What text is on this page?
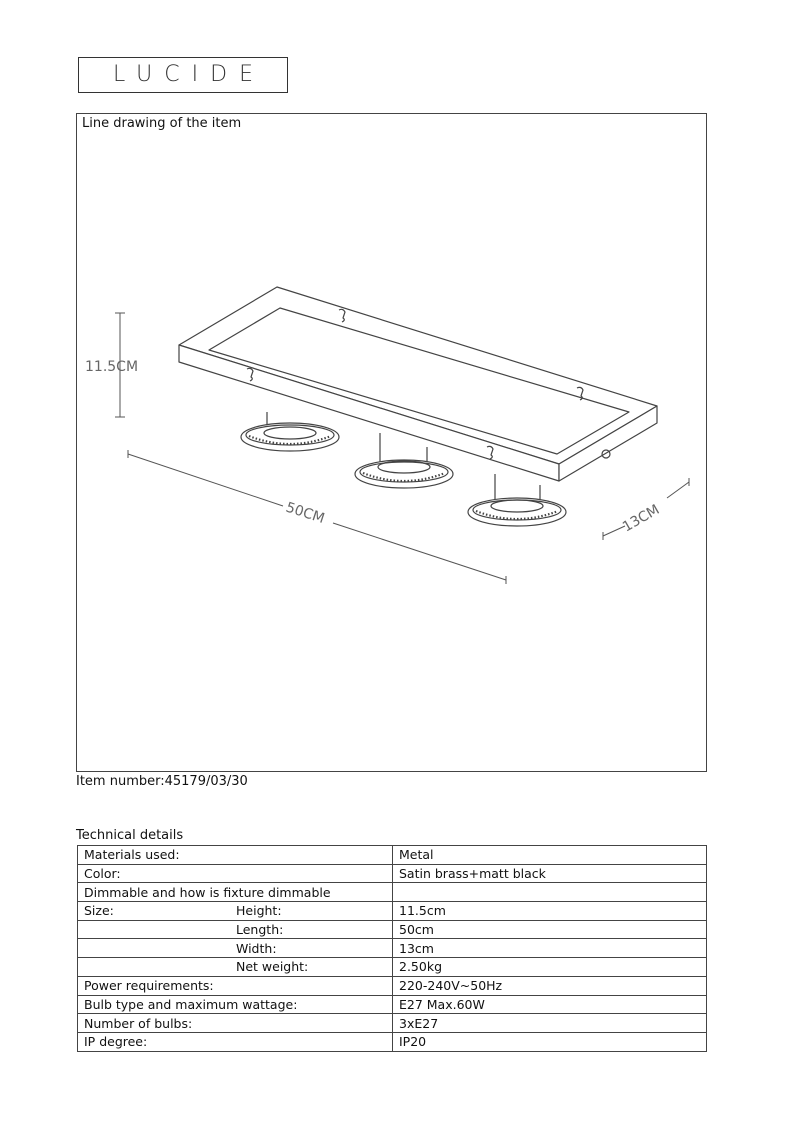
LUCIDE
Line drawing of the item
11.5CM
50CM	13CM
Item number:45179/03/30
Technical details
Materials used:	Metal
Color:	Satin brass+matt black
Dimmable and how is fixture dimmable	
Size: Height:	11.5cm
Length:	50cm
Width:	13cm
Net weight:	2.50kg
Power requirements:	220-240V~50Hz
Bulb type and maximum wattage:	E27 Max.60W
Number of bulbs:	3xE27
IP degree:	IP20
